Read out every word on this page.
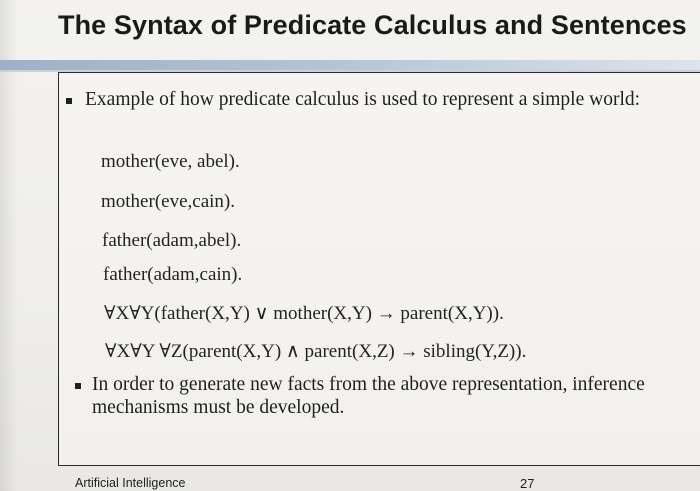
The Syntax of Predicate Calculus and Sentences
Example of how predicate calculus is used to represent a simple world:
mother(eve, abel).
mother(eve,cain).
father(adam,abel).
father(adam,cain).
∀X∀Y(father(X,Y) ∨ mother(X,Y) → parent(X,Y)).
∀X∀Y ∀Z(parent(X,Y) ∧ parent(X,Z) → sibling(Y,Z)).
In order to generate new facts from the above representation, inference mechanisms must be developed.
Artificial Intelligence	27
